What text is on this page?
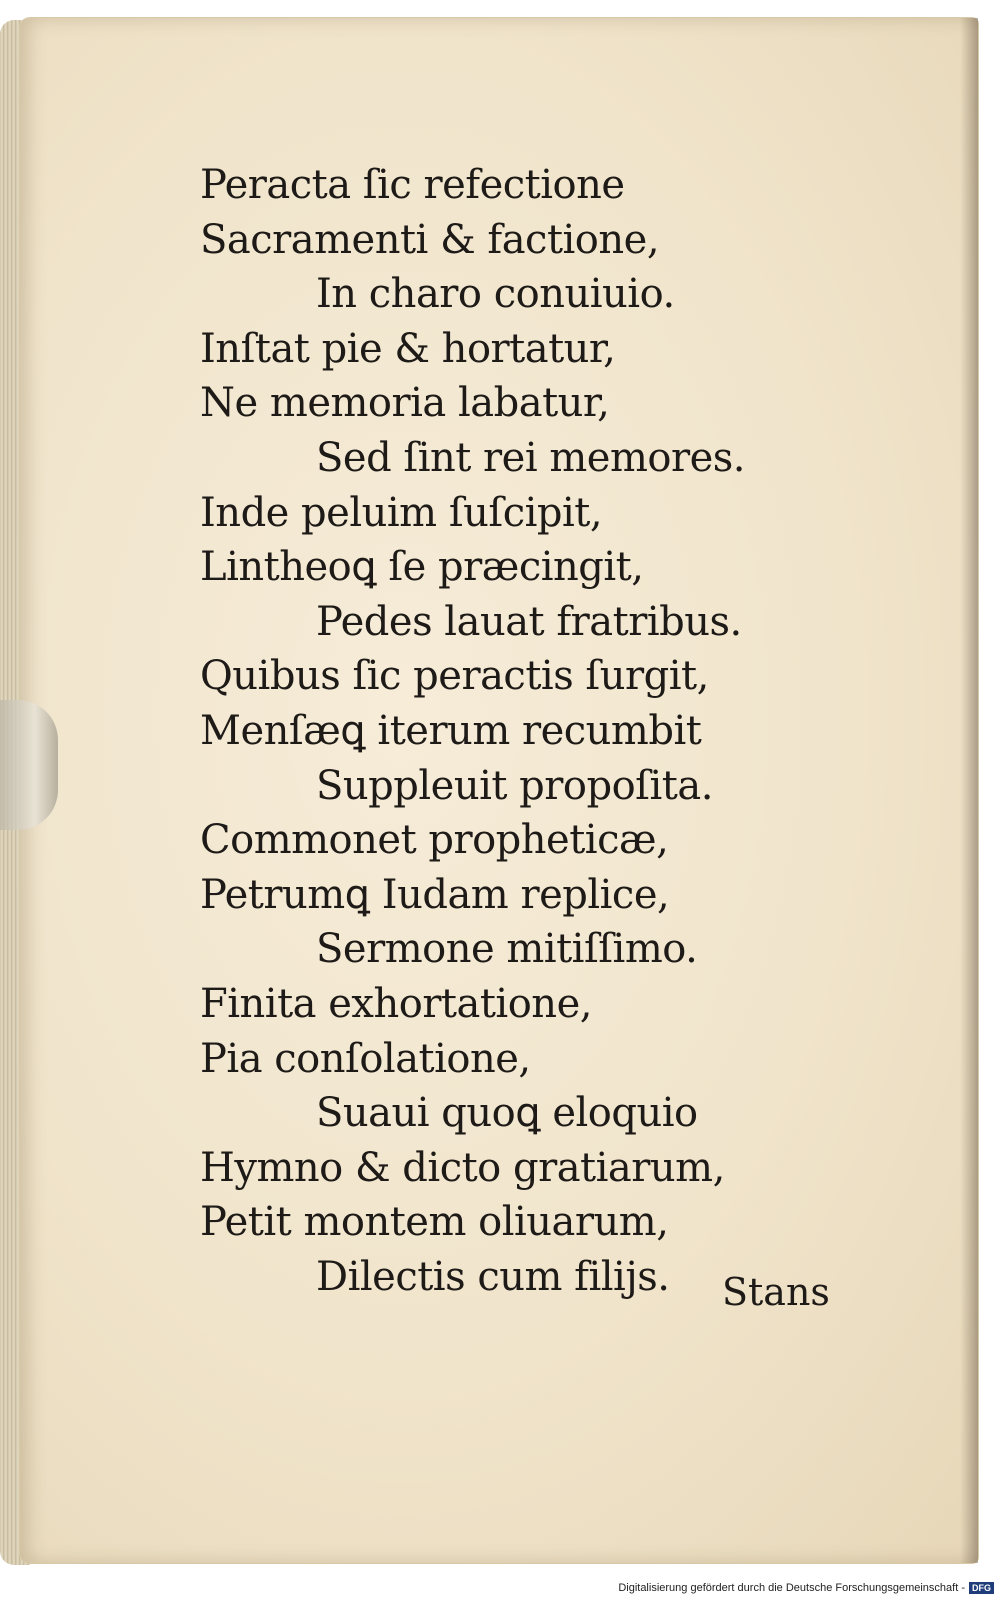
Peracta ſic refectione
Sacramenti & factione,
In charo conuiuio.
Inſtat pie & hortatur,
Ne memoria labatur,
Sed ſint rei memores.
Inde peluim ſuſcipit,
Lintheoꝗ ſe præcingit,
Pedes lauat fratribus.
Quibus ſic peractis ſurgit,
Menſæꝗ iterum recumbit
Suppleuit propoſita.
Commonet propheticæ,
Petrumꝗ Iudam replice,
Sermone mitiſſimo.
Finita exhortatione,
Pia conſolatione,
Suaui quoꝗ eloquio
Hymno & dicto gratiarum,
Petit montem oliuarum,
Dilectis cum filijs.	Stans
Digitalisierung gefördert durch die Deutsche Forschungsgemeinschaft - DFG
